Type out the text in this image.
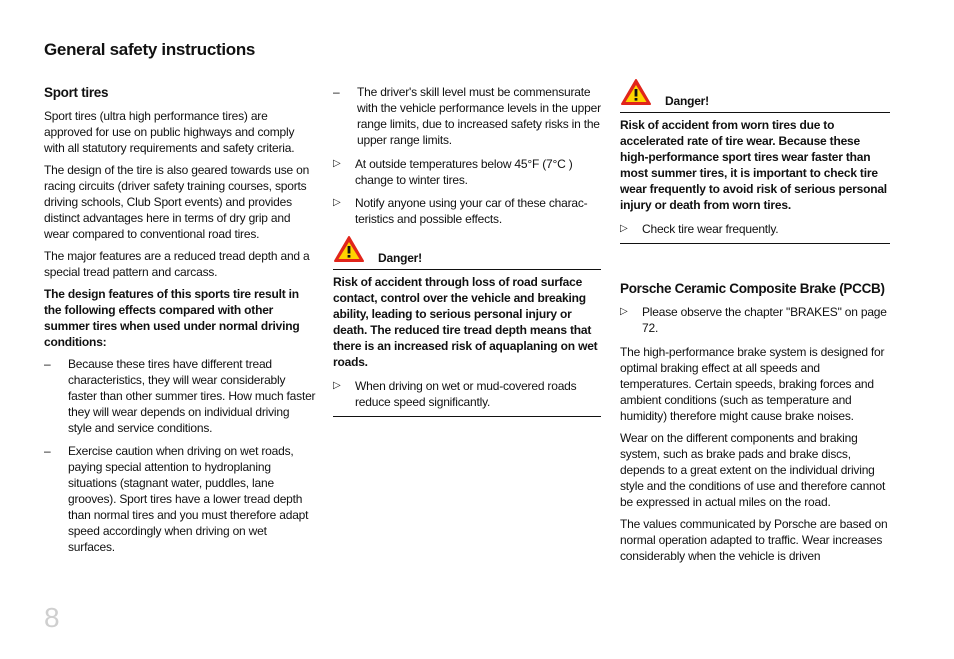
General safety instructions
Sport tires

Sport tires (ultra high performance tires) are approved for use on public highways and comply with all statutory requirements and safety criteria.

The design of the tire is also geared towards use on racing circuits (driver safety training courses, sports driving schools, Club Sport events) and provides distinct advantages here in terms of dry grip and wear compared to conventional road tires.

The major features are a reduced tread depth and a special tread pattern and carcass.

The design features of this sports tire result in the following effects compared with other summer tires when used under normal driving conditions:

– Because these tires have different tread characteristics, they will wear considerably faster than other summer tires. How much faster they will wear depends on individual driving style and service conditions.
– Exercise caution when driving on wet roads, paying special attention to hydroplaning situations (stagnant water, puddles, lane grooves). Sport tires have a lower tread depth than normal tires and you must therefore adapt speed accordingly when driving on wet surfaces.
– The driver's skill level must be commensurate with the vehicle performance levels in the upper range limits, due to increased safety risks in the upper range limits.
▷ At outside temperatures below 45°F (7°C ) change to winter tires.
▷ Notify anyone using your car of these charac- teristics and possible effects.
Danger!

Risk of accident through loss of road surface contact, control over the vehicle and breaking ability, leading to serious personal injury or death. The reduced tire tread depth means that there is an increased risk of aquaplaning on wet roads.

▷ When driving on wet or mud-covered roads reduce speed significantly.
Danger!

Risk of accident from worn tires due to accelerated rate of tire wear. Because these high-performance sport tires wear faster than most summer tires, it is important to check tire wear frequently to avoid risk of serious personal injury or death from worn tires.

▷ Check tire wear frequently.
Porsche Ceramic Composite Brake (PCCB)
▷ Please observe the chapter "BRAKES" on page 72.

The high-performance brake system is designed for optimal braking effect at all speeds and temperatures. Certain speeds, braking forces and ambient conditions (such as temperature and humidity) therefore might cause brake noises.

Wear on the different components and braking system, such as brake pads and brake discs, depends to a great extent on the individual driving style and the conditions of use and therefore cannot be expressed in actual miles on the road.

The values communicated by Porsche are based on normal operation adapted to traffic. Wear increases considerably when the vehicle is driven

8
